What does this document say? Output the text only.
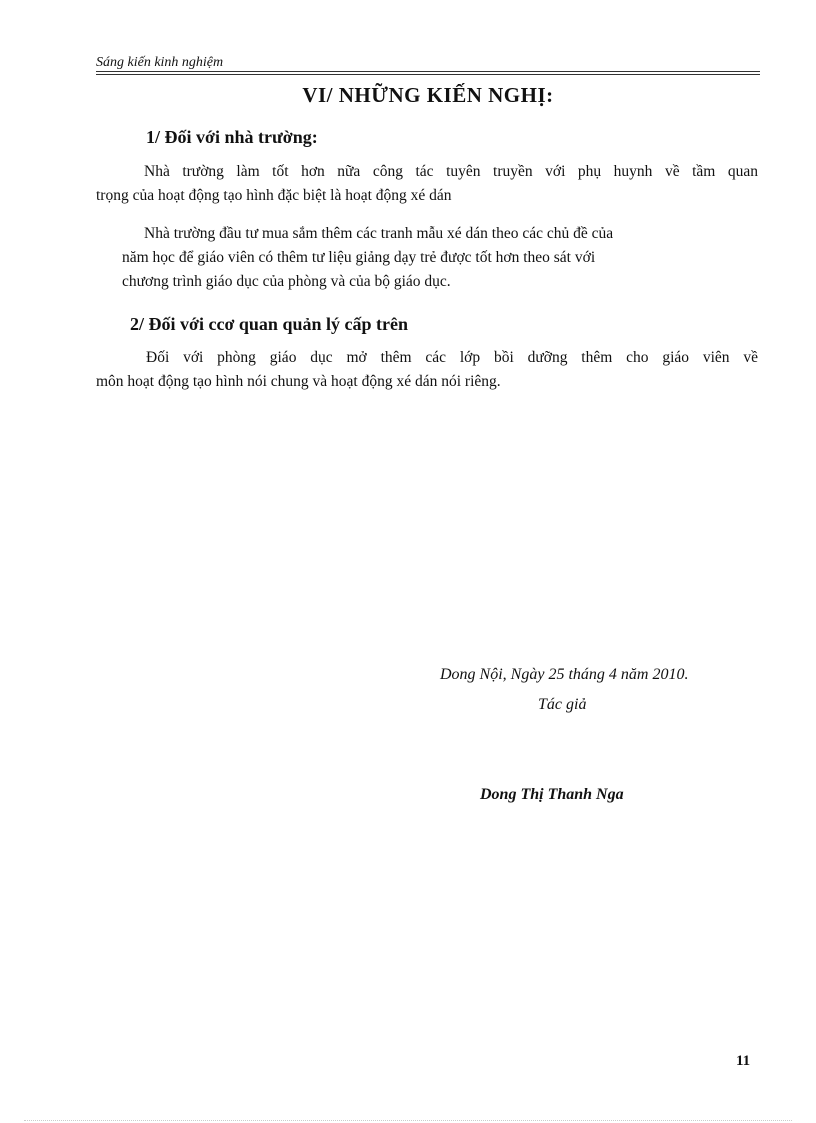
Sáng kiến kinh nghiệm
VI/ NHỮNG KIẾN NGHỊ:
1/ Đối với nhà trường:
Nhà trường làm tốt hơn nữa công tác tuyên truyền với phụ huynh về tầm quan
trọng của hoạt động tạo hình đặc biệt là hoạt động xé dán
Nhà trường đầu tư mua sắm thêm các tranh mẫu xé dán theo các chủ đề của
năm học để giáo viên có thêm tư liệu giảng dạy trẻ được tốt hơn theo sát với
chương trình giáo dục của phòng và của bộ giáo dục.
2/ Đối với ccơ quan quản lý cấp trên
Đối với phòng giáo dục mở thêm các lớp bồi dưỡng thêm cho giáo viên về
môn hoạt động tạo hình nói chung và hoạt động xé dán nói riêng.
Dong Nội, Ngày 25 tháng 4 năm 2010.
Tác giả
Dong Thị Thanh Nga
11
